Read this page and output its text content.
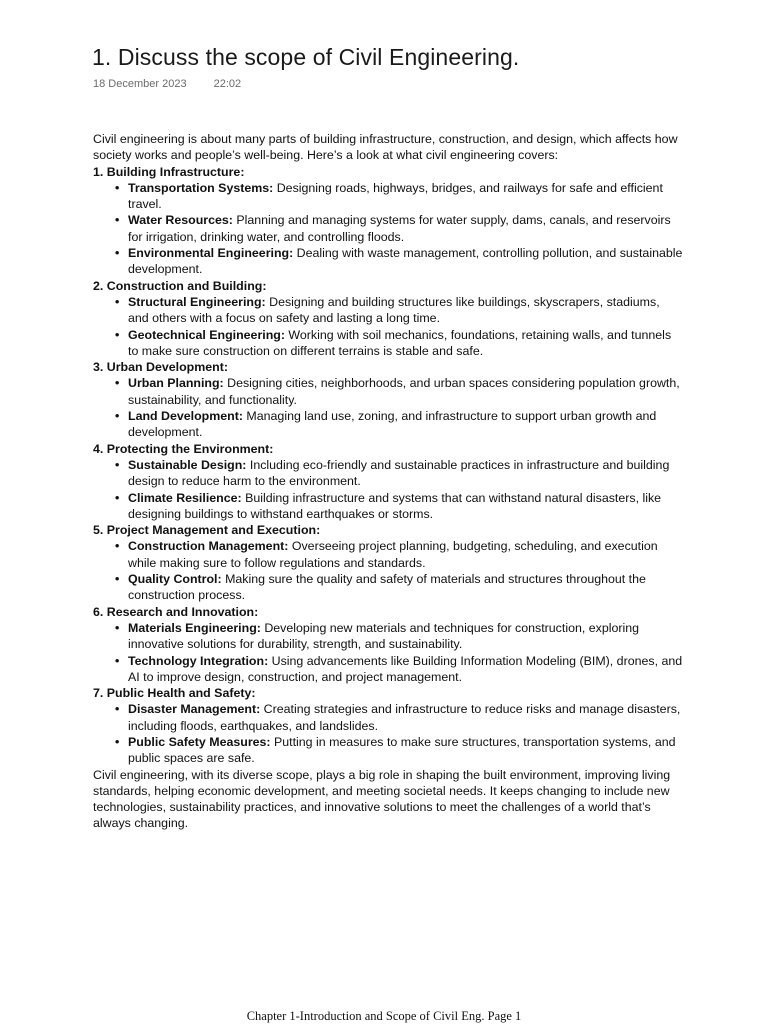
1. Discuss the scope of Civil Engineering.
18 December 2023 22:02

Civil engineering is about many parts of building infrastructure, construction, and design, which affects how society works and people’s well-being. Here’s a look at what civil engineering covers:

1. Building Infrastructure:

• Transportation Systems: Designing roads, highways, bridges, and railways for safe and efficient travel.
• Water Resources: Planning and managing systems for water supply, dams, canals, and reservoirs for irrigation, drinking water, and controlling floods.
• Environmental Engineering: Dealing with waste management, controlling pollution, and sustainable development.

2. Construction and Building:

• Structural Engineering: Designing and building structures like buildings, skyscrapers, stadiums, and others with a focus on safety and lasting a long time.
• Geotechnical Engineering: Working with soil mechanics, foundations, retaining walls, and tunnels to make sure construction on different terrains is stable and safe.

3. Urban Development:

• Urban Planning: Designing cities, neighborhoods, and urban spaces considering population growth, sustainability, and functionality.
• Land Development: Managing land use, zoning, and infrastructure to support urban growth and development.

4. Protecting the Environment:

• Sustainable Design: Including eco-friendly and sustainable practices in infrastructure and building design to reduce harm to the environment.
• Climate Resilience: Building infrastructure and systems that can withstand natural disasters, like designing buildings to withstand earthquakes or storms.

5. Project Management and Execution:

• Construction Management: Overseeing project planning, budgeting, scheduling, and execution while making sure to follow regulations and standards.
• Quality Control: Making sure the quality and safety of materials and structures throughout the construction process.

6. Research and Innovation:

• Materials Engineering: Developing new materials and techniques for construction, exploring innovative solutions for durability, strength, and sustainability.
• Technology Integration: Using advancements like Building Information Modeling (BIM), drones, and AI to improve design, construction, and project management.

7. Public Health and Safety:

• Disaster Management: Creating strategies and infrastructure to reduce risks and manage disasters, including floods, earthquakes, and landslides.
• Public Safety Measures: Putting in measures to make sure structures, transportation systems, and public spaces are safe.

Civil engineering, with its diverse scope, plays a big role in shaping the built environment, improving living standards, helping economic development, and meeting societal needs. It keeps changing to include new technologies, sustainability practices, and innovative solutions to meet the challenges of a world that’s always changing.

Chapter 1-Introduction and Scope of Civil Eng. Page 1
